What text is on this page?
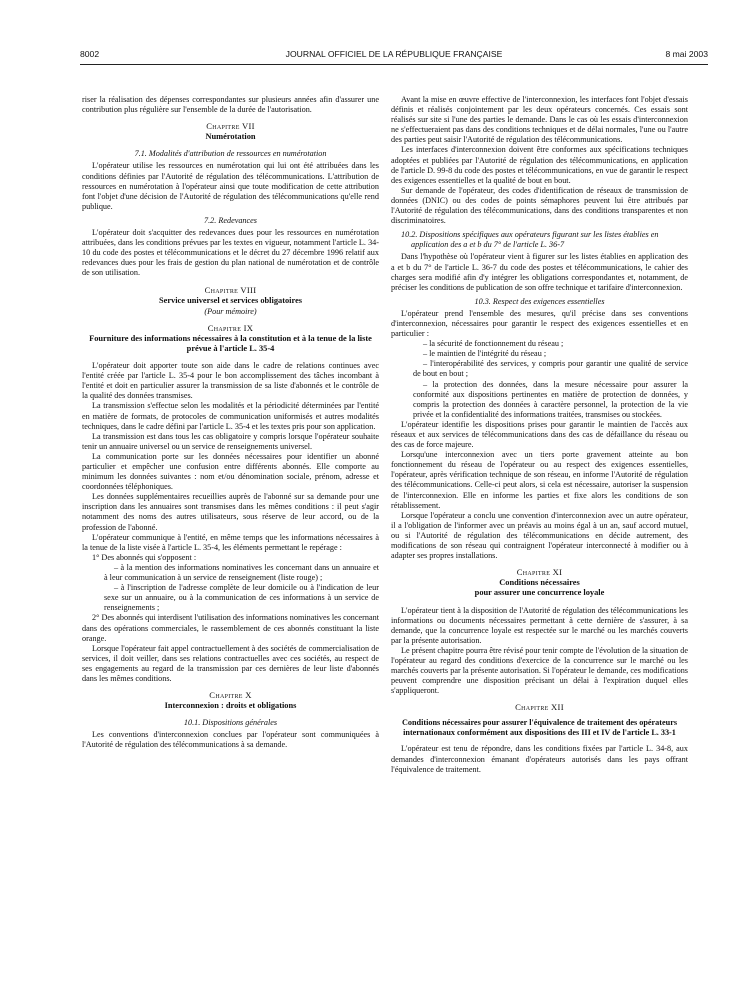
8002	JOURNAL OFFICIEL DE LA RÉPUBLIQUE FRANÇAISE	8 mai 2003

riser la réalisation des dépenses correspondantes sur plusieurs années afin d'assurer une contribution plus régulière sur l'ensemble de la durée de l'autorisation.

Chapitre VII
Numérotation
7.1. Modalités d'attribution de ressources en numérotation

L'opérateur utilise les ressources en numérotation qui lui ont été attribuées dans les conditions définies par l'Autorité de régulation des télécommunications. L'attribution de ressources en numérotation à l'opérateur ainsi que toute modification de cette attribution font l'objet d'une décision de l'Autorité de régulation des télécommunications qu'elle rend publique.

7.2. Redevances

L'opérateur doit s'acquitter des redevances dues pour les ressources en numérotation attribuées, dans les conditions prévues par les textes en vigueur, notamment l'article L. 34-10 du code des postes et télécommunications et le décret du 27 décembre 1996 relatif aux redevances dues pour les frais de gestion du plan national de numérotation et de contrôle de son utilisation.

Chapitre VIII
Service universel et services obligatoires
(Pour mémoire)
Chapitre IX
Fourniture des informations nécessaires à la constitution et à la tenue de la liste prévue à l'article L. 35-4

L'opérateur doit apporter toute son aide dans le cadre de relations continues avec l'entité créée par l'article L. 35-4 pour le bon accomplissement des tâches incombant à l'entité et doit en particulier assurer la transmission de sa liste d'abonnés et le contrôle de la qualité des données transmises.

La transmission s'effectue selon les modalités et la périodicité déterminées par l'entité en matière de formats, de protocoles de communication uniformisés et autres modalités techniques, dans le cadre défini par l'article L. 35-4 et les textes pris pour son application.

La transmission est dans tous les cas obligatoire y compris lorsque l'opérateur souhaite tenir un annuaire universel ou un service de renseignements universel.

La communication porte sur les données nécessaires pour identifier un abonné particulier et empêcher une confusion entre différents abonnés. Elle comporte au minimum les données suivantes : nom et/ou dénomination sociale, prénom, adresse et coordonnées téléphoniques.

Les données supplémentaires recueillies auprès de l'abonné sur sa demande pour une inscription dans les annuaires sont transmises dans les mêmes conditions : il peut s'agir notamment des noms des autres utilisateurs, sous réserve de leur accord, ou de la profession de l'abonné.

L'opérateur communique à l'entité, en même temps que les informations nécessaires à la tenue de la liste visée à l'article L. 35-4, les éléments permettant le repérage :

1° Des abonnés qui s'opposent :

– à la mention des informations nominatives les concernant dans un annuaire et à leur communication à un service de renseignement (liste rouge) ;

– à l'inscription de l'adresse complète de leur domicile ou à l'indication de leur sexe sur un annuaire, ou à la communication de ces informations à un service de renseignements ;

2° Des abonnés qui interdisent l'utilisation des informations nominatives les concernant dans des opérations commerciales, le rassemblement de ces abonnés constituant la liste orange.

Lorsque l'opérateur fait appel contractuellement à des sociétés de commercialisation de services, il doit veiller, dans ses relations contractuelles avec ces sociétés, au respect de ses engagements au regard de la transmission par ces dernières de leur liste d'abonnés dans les mêmes conditions.

Chapitre X
Interconnexion : droits et obligations
10.1. Dispositions générales

Les conventions d'interconnexion conclues par l'opérateur sont communiquées à l'Autorité de régulation des télécommunications à sa demande.

Avant la mise en œuvre effective de l'interconnexion, les interfaces font l'objet d'essais définis et réalisés conjointement par les deux opérateurs concernés. Ces essais sont réalisés sur site si l'une des parties le demande. Dans le cas où les essais d'interconnexion ne s'effectueraient pas dans des conditions techniques et de délai normales, l'une ou l'autre des parties peut saisir l'Autorité de régulation des télécommunications.

Les interfaces d'interconnexion doivent être conformes aux spécifications techniques adoptées et publiées par l'Autorité de régulation des télécommunications, en application de l'article D. 99-8 du code des postes et télécommunications, en vue de garantir le respect des exigences essentielles et la qualité de bout en bout.

Sur demande de l'opérateur, des codes d'identification de réseaux de transmission de données (DNIC) ou des codes de points sémaphores peuvent lui être attribués par l'Autorité de régulation des télécommunications, dans des conditions transparentes et non discriminatoires.

10.2. Dispositions spécifiques aux opérateurs figurant sur les listes établies en application des a et b du 7° de l'article L. 36-7

Dans l'hypothèse où l'opérateur vient à figurer sur les listes établies en application des a et b du 7° de l'article L. 36-7 du code des postes et télécommunications, le cahier des charges sera modifié afin d'y intégrer les obligations correspondantes et, notamment, de préciser les conditions de publication de son offre technique et tarifaire d'interconnexion.

10.3. Respect des exigences essentielles

L'opérateur prend l'ensemble des mesures, qu'il précise dans ses conventions d'interconnexion, nécessaires pour garantir le respect des exigences essentielles et en particulier :

– la sécurité de fonctionnement du réseau ;

– le maintien de l'intégrité du réseau ;

– l'interopérabilité des services, y compris pour garantir une qualité de service de bout en bout ;

– la protection des données, dans la mesure nécessaire pour assurer la conformité aux dispositions pertinentes en matière de protection de données, y compris la protection des données à caractère personnel, la protection de la vie privée et la confidentialité des informations traitées, transmises ou stockées.

L'opérateur identifie les dispositions prises pour garantir le maintien de l'accès aux réseaux et aux services de télécommunications dans des cas de défaillance du réseau ou des cas de force majeure.

Lorsqu'une interconnexion avec un tiers porte gravement atteinte au bon fonctionnement du réseau de l'opérateur ou au respect des exigences essentielles, l'opérateur, après vérification technique de son réseau, en informe l'Autorité de régulation des télécommunications. Celle-ci peut alors, si cela est nécessaire, autoriser la suspension de l'interconnexion. Elle en informe les parties et fixe alors les conditions de son rétablissement.

Lorsque l'opérateur a conclu une convention d'interconnexion avec un autre opérateur, il a l'obligation de l'informer avec un préavis au moins égal à un an, sauf accord mutuel, ou si l'Autorité de régulation des télécommunications en décide autrement, des modifications de son réseau qui contraignent l'opérateur interconnecté à modifier ou à adapter ses propres installations.

Chapitre XI
Conditions nécessaires
pour assurer une concurrence loyale

L'opérateur tient à la disposition de l'Autorité de régulation des télécommunications les informations ou documents nécessaires permettant à cette dernière de s'assurer, à sa demande, que la concurrence loyale est respectée sur le marché ou les marchés couverts par la présente autorisation.

Le présent chapitre pourra être révisé pour tenir compte de l'évolution de la situation de l'opérateur au regard des conditions d'exercice de la concurrence sur le marché ou les marchés couverts par la présente autorisation. Si l'opérateur le demande, ces modifications peuvent comprendre une disposition précisant un délai à l'expiration duquel elles s'appliqueront.

Chapitre XII
Conditions nécessaires pour assurer l'équivalence de traitement des opérateurs internationaux conformément aux dispositions des III et IV de l'article L. 33-1

L'opérateur est tenu de répondre, dans les conditions fixées par l'article L. 34-8, aux demandes d'interconnexion émanant d'opérateurs autorisés dans les pays offrant l'équivalence de traitement.
